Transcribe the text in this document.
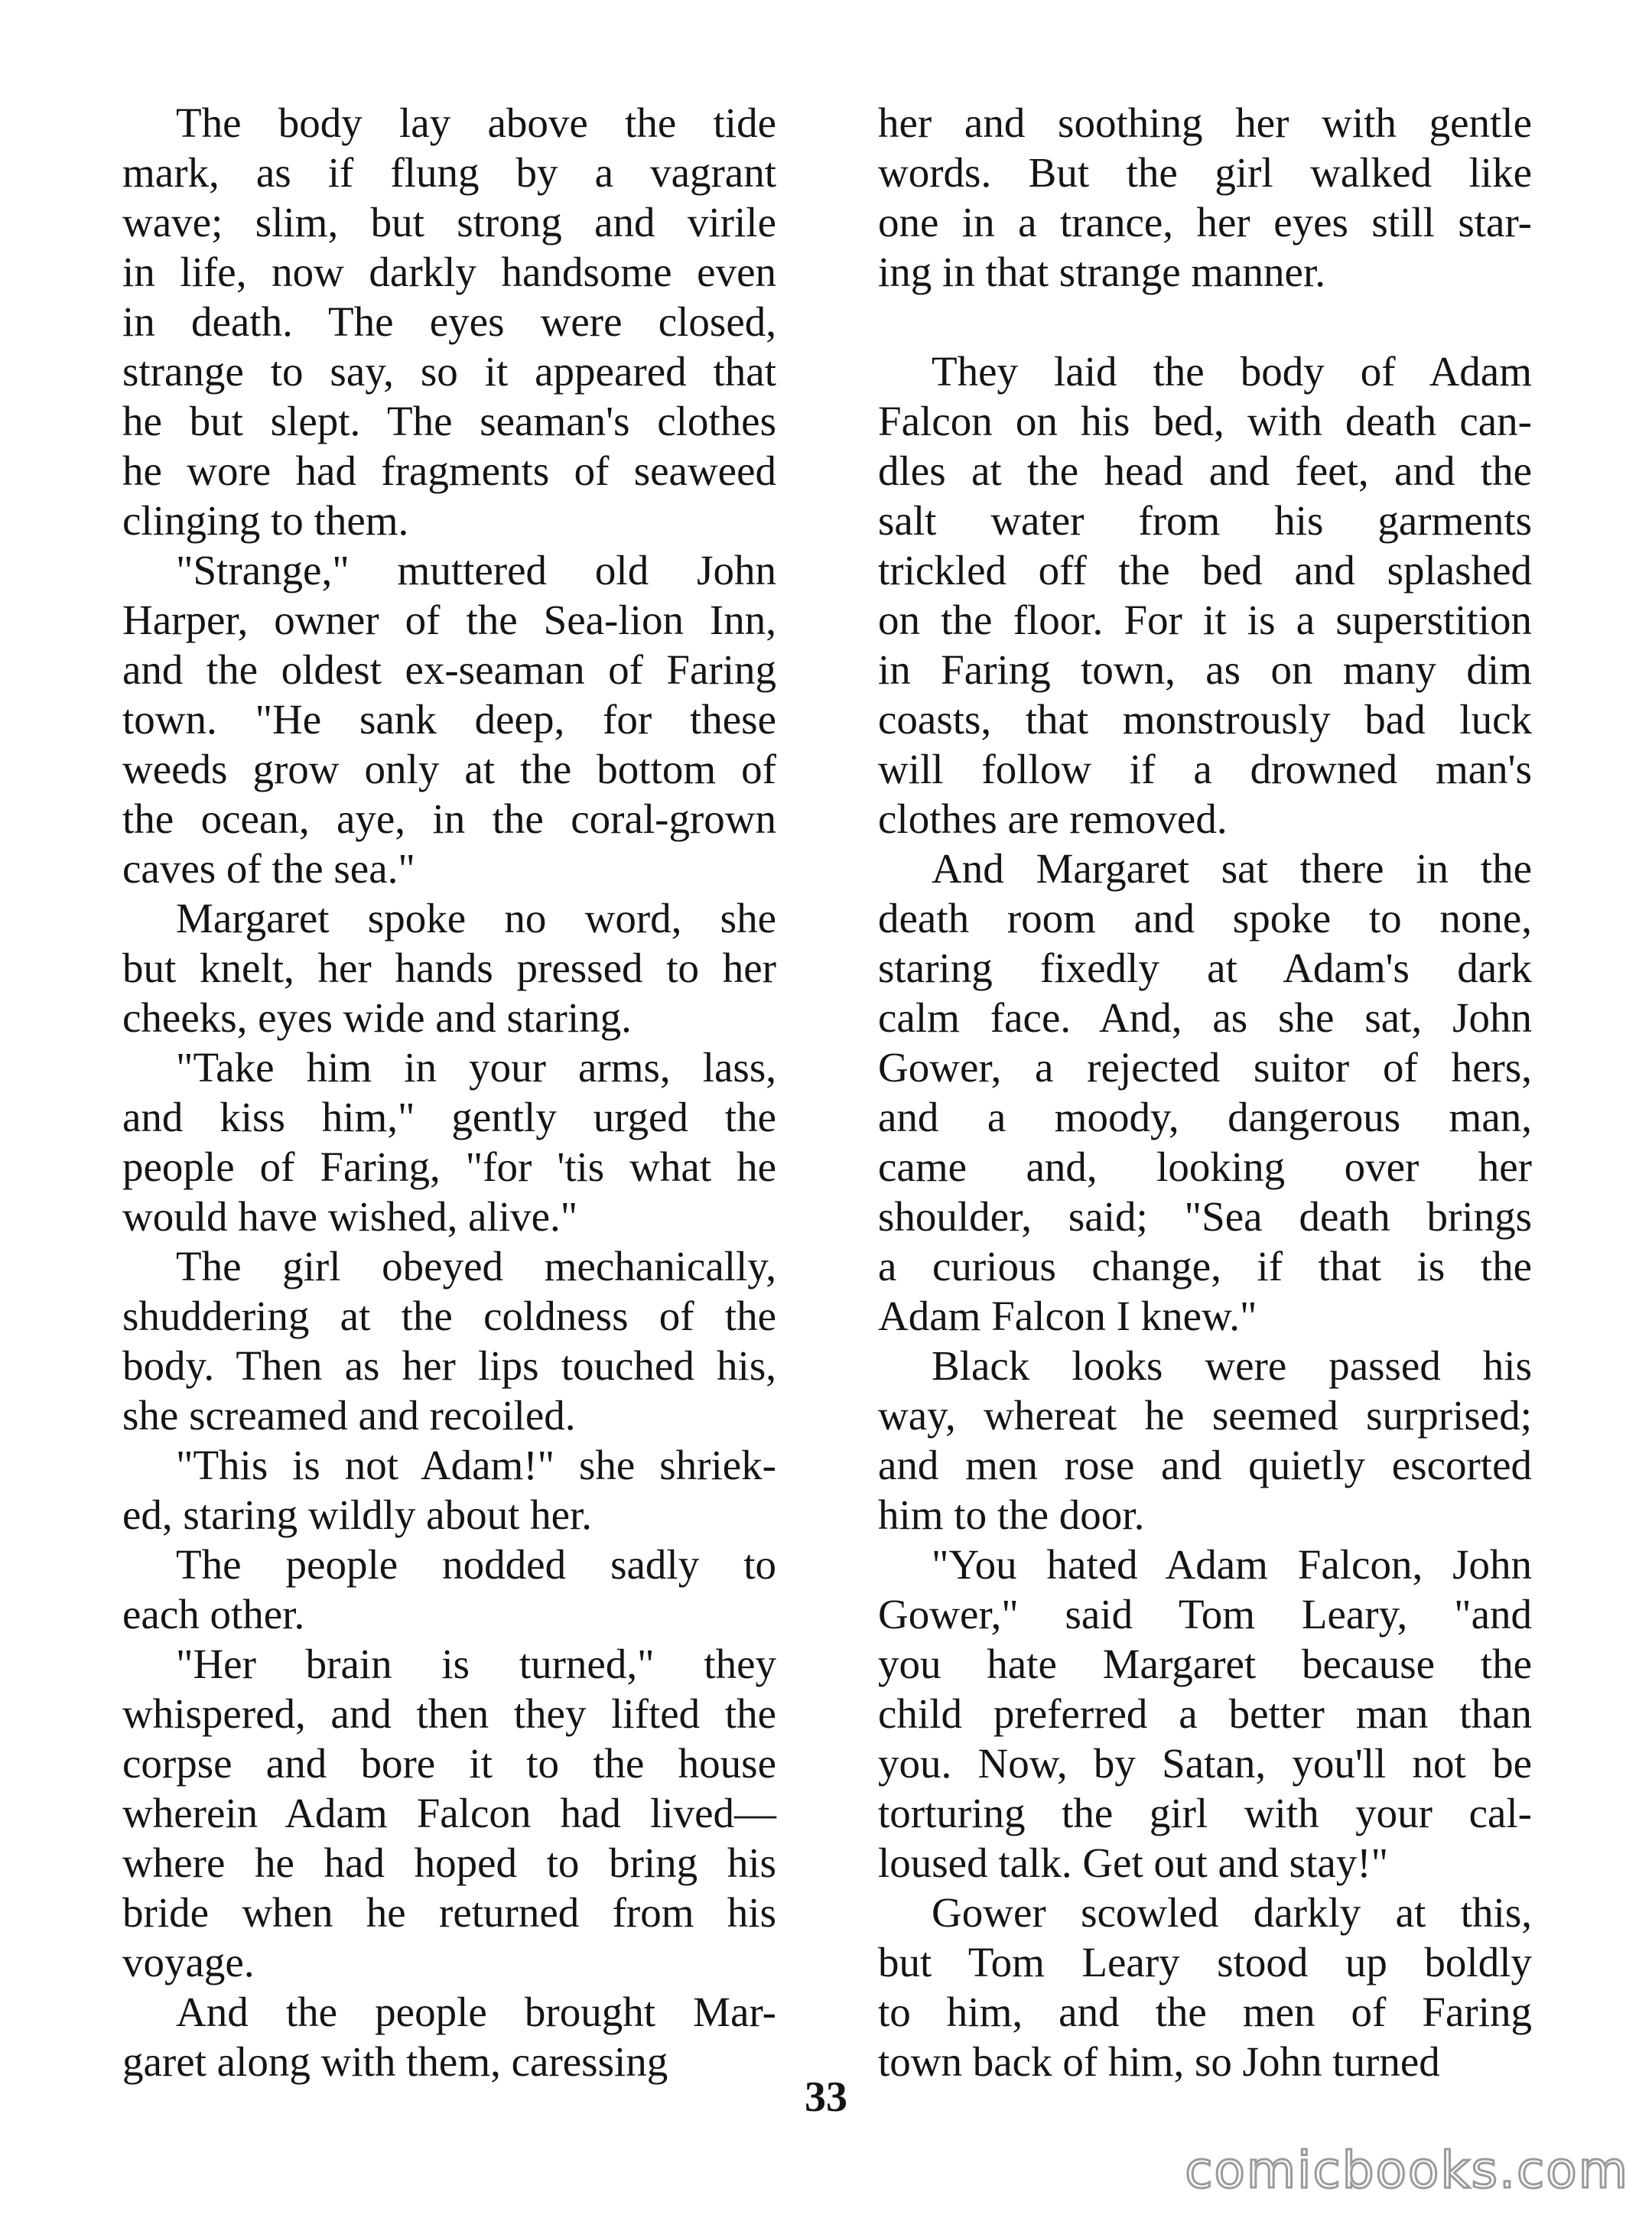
The body lay above the tide
mark, as if flung by a vagrant
wave; slim, but strong and virile
in life, now darkly handsome even
in death. The eyes were closed,
strange to say, so it appeared that
he but slept. The seaman's clothes
he wore had fragments of seaweed
clinging to them.

"Strange," muttered old John
Harper, owner of the Sea-lion Inn,
and the oldest ex-seaman of Faring
town. "He sank deep, for these
weeds grow only at the bottom of
the ocean, aye, in the coral-grown
caves of the sea."

Margaret spoke no word, she
but knelt, her hands pressed to her
cheeks, eyes wide and staring.

"Take him in your arms, lass,
and kiss him," gently urged the
people of Faring, "for 'tis what he
would have wished, alive."

The girl obeyed mechanically,
shuddering at the coldness of the
body. Then as her lips touched his,
she screamed and recoiled.

"This is not Adam!" she shriek-
ed, staring wildly about her.

The people nodded sadly to
each other.

"Her brain is turned," they
whispered, and then they lifted the
corpse and bore it to the house
wherein Adam Falcon had lived—
where he had hoped to bring his
bride when he returned from his
voyage.

And the people brought Mar-
garet along with them, caressing

her and soothing her with gentle
words. But the girl walked like
one in a trance, her eyes still star-
ing in that strange manner.

They laid the body of Adam
Falcon on his bed, with death can-
dles at the head and feet, and the
salt water from his garments
trickled off the bed and splashed
on the floor. For it is a superstition
in Faring town, as on many dim
coasts, that monstrously bad luck
will follow if a drowned man's
clothes are removed.

And Margaret sat there in the
death room and spoke to none,
staring fixedly at Adam's dark
calm face. And, as she sat, John
Gower, a rejected suitor of hers,
and a moody, dangerous man,
came and, looking over her
shoulder, said; "Sea death brings
a curious change, if that is the
Adam Falcon I knew."

Black looks were passed his
way, whereat he seemed surprised;
and men rose and quietly escorted
him to the door.

"You hated Adam Falcon, John
Gower," said Tom Leary, "and
you hate Margaret because the
child preferred a better man than
you. Now, by Satan, you'll not be
torturing the girl with your cal-
loused talk. Get out and stay!"

Gower scowled darkly at this,
but Tom Leary stood up boldly
to him, and the men of Faring
town back of him, so John turned

33
comicbooks.com
